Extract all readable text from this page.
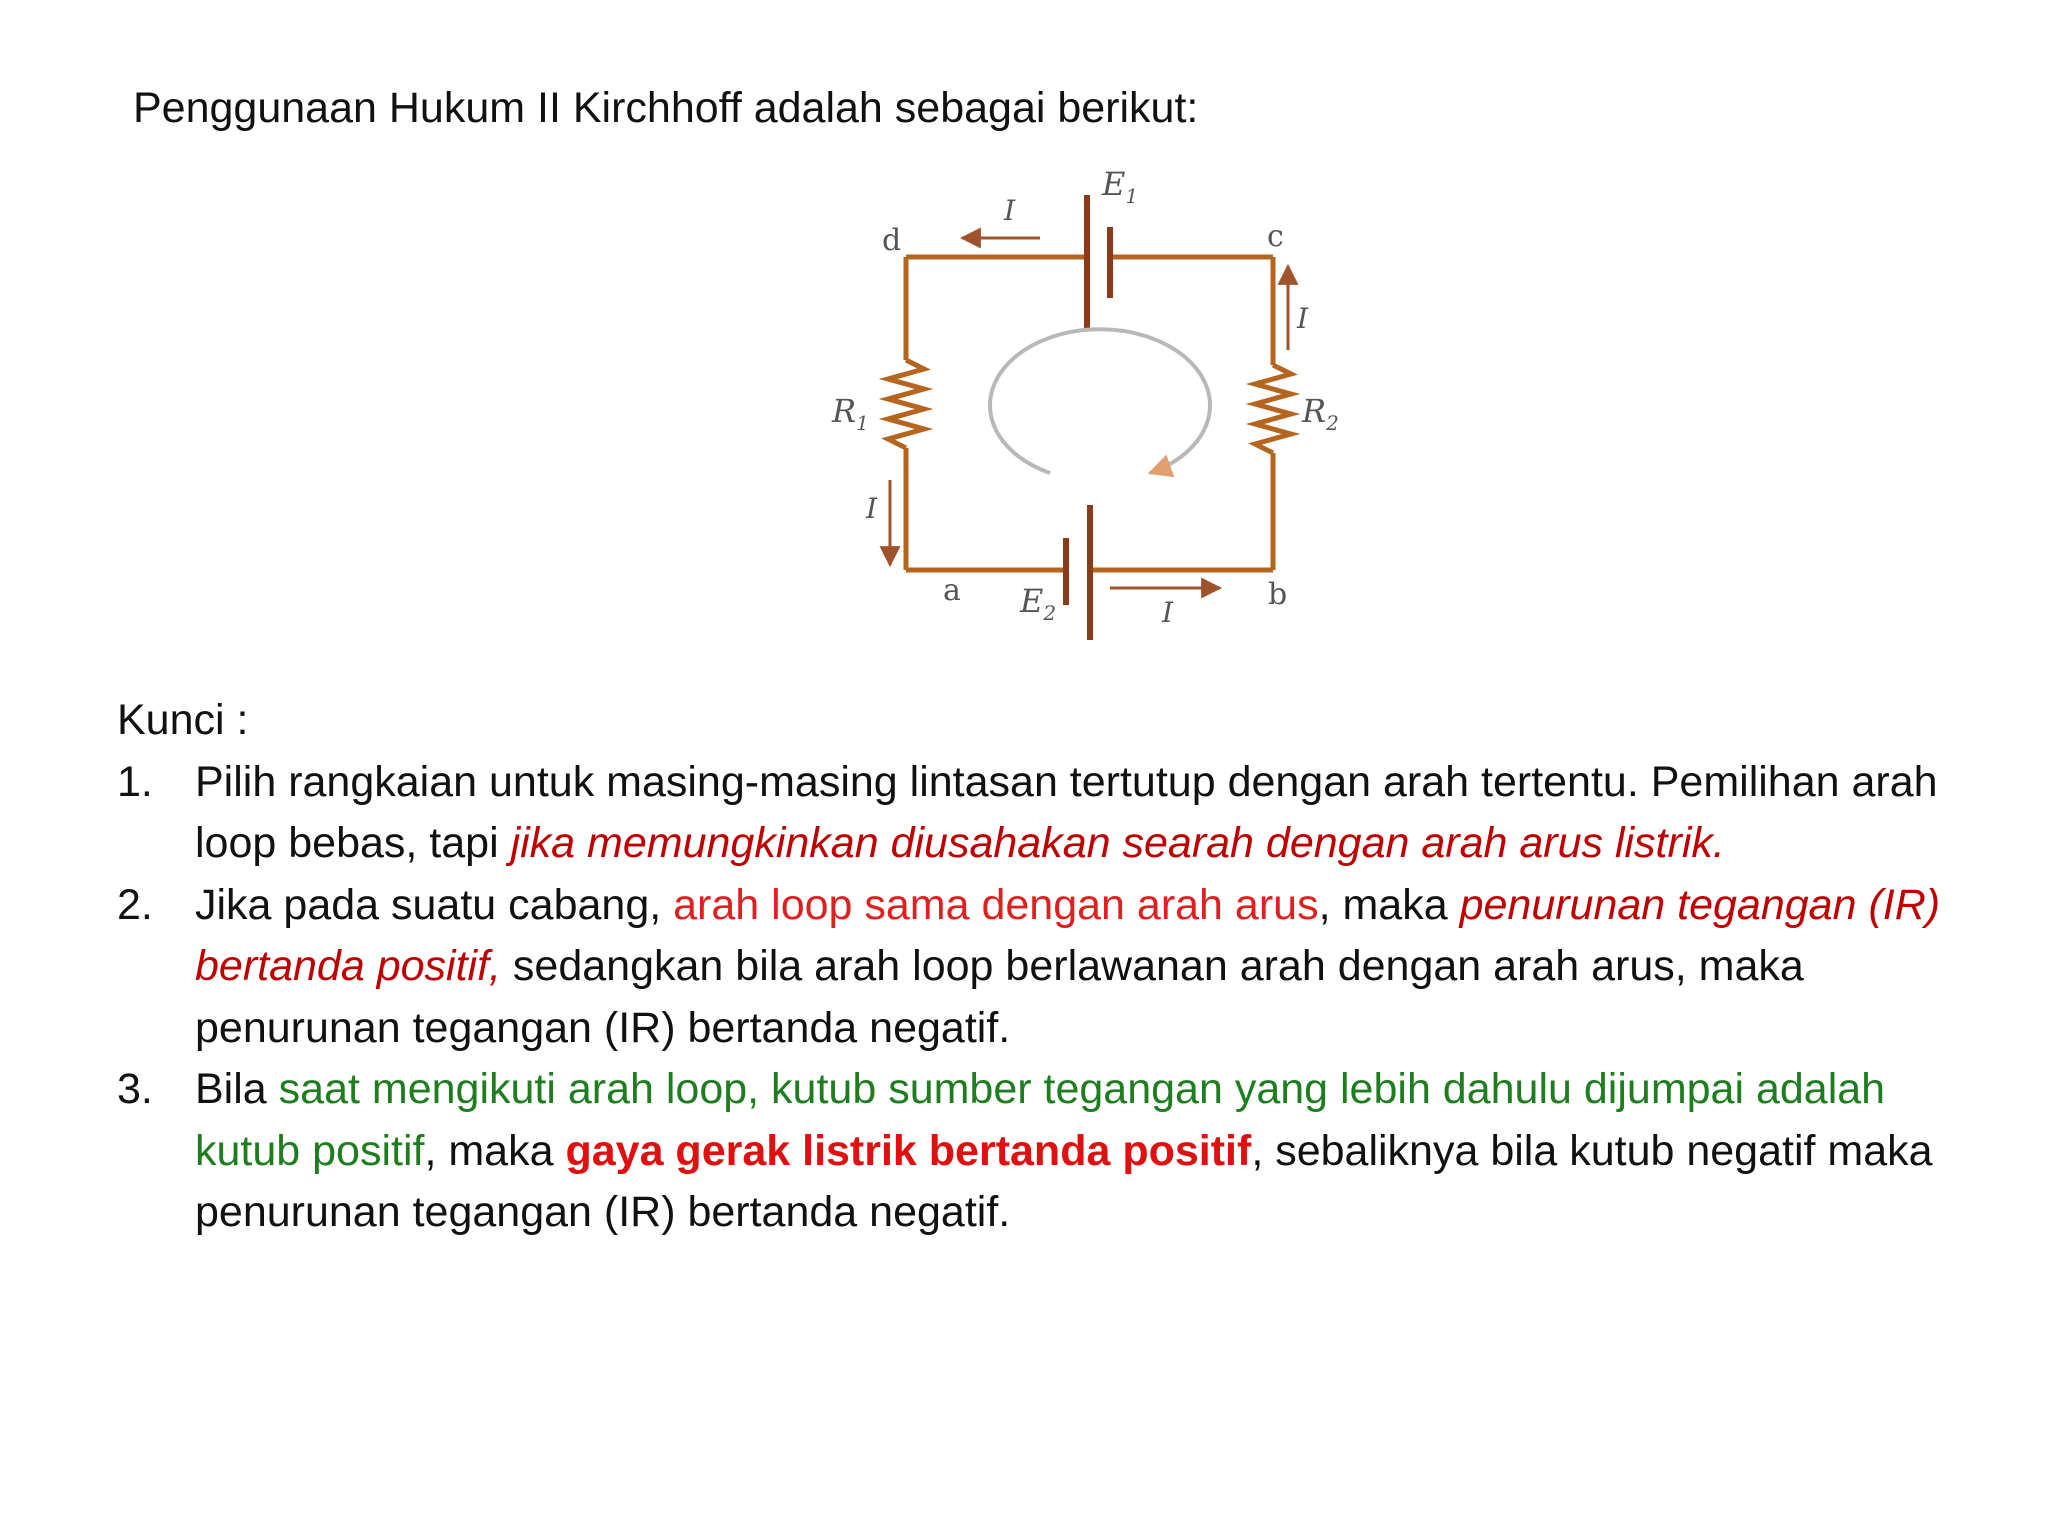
Penggunaan Hukum II Kirchhoff adalah sebagai berikut:
d	c
a	b
$E_1$
$E_2$
$R_1$	$R_2$
I
I
I
I

Kunci :

1. Pilih rangkaian untuk masing-masing lintasan tertutup dengan arah tertentu. Pemilihan arah loop bebas, tapi jika memungkinkan diusahakan searah dengan arah arus listrik.
2. Jika pada suatu cabang, arah loop sama dengan arah arus, maka penurunan tegangan (IR) bertanda positif, sedangkan bila arah loop berlawanan arah dengan arah arus, maka penurunan tegangan (IR) bertanda negatif.
3. Bila saat mengikuti arah loop, kutub sumber tegangan yang lebih dahulu dijumpai adalah kutub positif, maka gaya gerak listrik bertanda positif, sebaliknya bila kutub negatif maka penurunan tegangan (IR) bertanda negatif.
